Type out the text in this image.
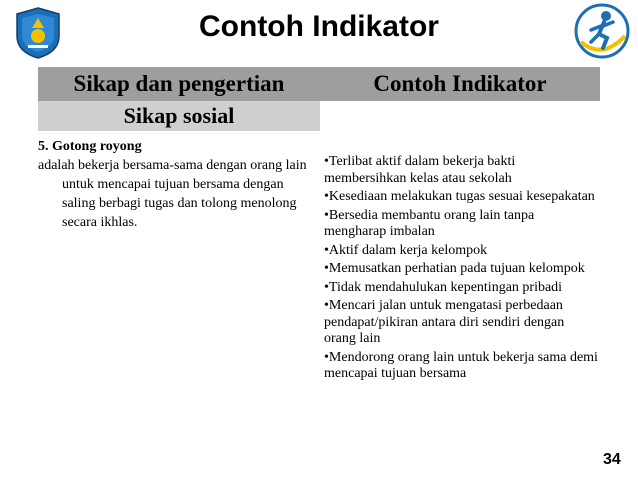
Contoh Indikator
Sikap dan pengertian	Contoh Indikator
Sikap sosial
5. Gotong royong
adalah bekerja bersama-sama dengan orang lain untuk mencapai tujuan bersama dengan saling berbagi tugas dan tolong menolong secara ikhlas.
• Terlibat aktif dalam bekerja bakti membersihkan kelas atau sekolah
• Kesediaan melakukan tugas sesuai kesepakatan
• Bersedia membantu orang lain tanpa mengharap imbalan
• Aktif dalam kerja kelompok
• Memusatkan perhatian pada tujuan kelompok
• Tidak mendahulukan kepentingan pribadi
• Mencari jalan untuk mengatasi perbedaan pendapat/pikiran antara diri sendiri dengan orang lain
• Mendorong orang lain untuk bekerja sama demi mencapai tujuan bersama
34
